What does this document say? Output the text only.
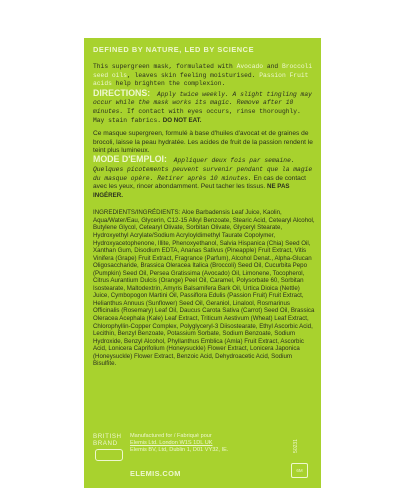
DEFINED BY NATURE, LED BY SCIENCE
This supergreen mask, formulated with Avocado and Broccoli seed oils, leaves skin feeling moisturised. Passion Fruit acids help brighten the complexion.
DIRECTIONS: Apply twice weekly. A slight tingling may occur while the mask works its magic. Remove after 10 minutes. If contact with eyes occurs, rinse thoroughly. May stain fabrics. DO NOT EAT.
Ce masque supergreen, formulé à base d'huiles d'avocat et de graines de brocoli, laisse la peau hydratée. Les acides de fruit de la passion rendent le teint plus lumineux.
MODE D'EMPLOI: Appliquer deux fois par semaine. Quelques picotements peuvent survenir pendant que la magie du masque opère. Retirer après 10 minutes. En cas de contact avec les yeux, rincer abondamment. Peut tacher les tissus. NE PAS INGÉRER.
INGREDIENTS/INGRÉDIENTS: Aloe Barbadensis Leaf Juice, Kaolin, Aqua/Water/Eau, Glycerin, C12-15 Alkyl Benzoate, Stearic Acid, Cetearyl Alcohol, Butylene Glycol, Cetearyl Olivate, Sorbitan Olivate, Glyceryl Stearate, Hydroxyethyl Acrylate/Sodium Acryloyldimethyl Taurate Copolymer, Hydroxyacetophenone, Illite, Phenoxyethanol, Salvia Hispanica (Chia) Seed Oil, Xanthan Gum, Disodium EDTA, Ananas Sativus (Pineapple) Fruit Extract, Vitis Vinifera (Grape) Fruit Extract, Fragrance (Parfum), Alcohol Denat., Alpha-Glucan Oligosaccharide, Brassica Oleracea Italica (Broccoli) Seed Oil, Cucurbita Pepo (Pumpkin) Seed Oil, Persea Gratissima (Avocado) Oil, Limonene, Tocopherol, Citrus Aurantium Dulcis (Orange) Peel Oil, Caramel, Polysorbate 60, Sorbitan Isostearate, Maltodextrin, Amyris Balsamifera Bark Oil, Urtica Dioica (Nettle) Juice, Cymbopogon Martini Oil, Passiflora Edulis (Passion Fruit) Fruit Extract, Helianthus Annuus (Sunflower) Seed Oil, Geraniol, Linalool, Rosmarinus Officinalis (Rosemary) Leaf Oil, Daucus Carota Sativa (Carrot) Seed Oil, Brassica Oleracea Acephala (Kale) Leaf Extract, Triticum Aestivum (Wheat) Leaf Extract, Chlorophyllin-Copper Complex, Polyglyceryl-3 Diisostearate, Ethyl Ascorbic Acid, Lecithin, Benzyl Benzoate, Potassium Sorbate, Sodium Benzoate, Sodium Hydroxide, Benzyl Alcohol, Phyllanthus Emblica (Amla) Fruit Extract, Ascorbic Acid, Lonicera Caprifolium (Honeysuckle) Flower Extract, Lonicera Japonica (Honeysuckle) Flower Extract, Benzoic Acid, Dehydroacetic Acid, Sodium Bisulfite.
BRITISH
BRAND
Manufactured for / Fabriqué pour
Elemis Ltd. London W1S 1DL UK
Elemis BV, Ltd, Dublin 1, D01 VY32, IE.
ELEMIS.COM
50231
6M
